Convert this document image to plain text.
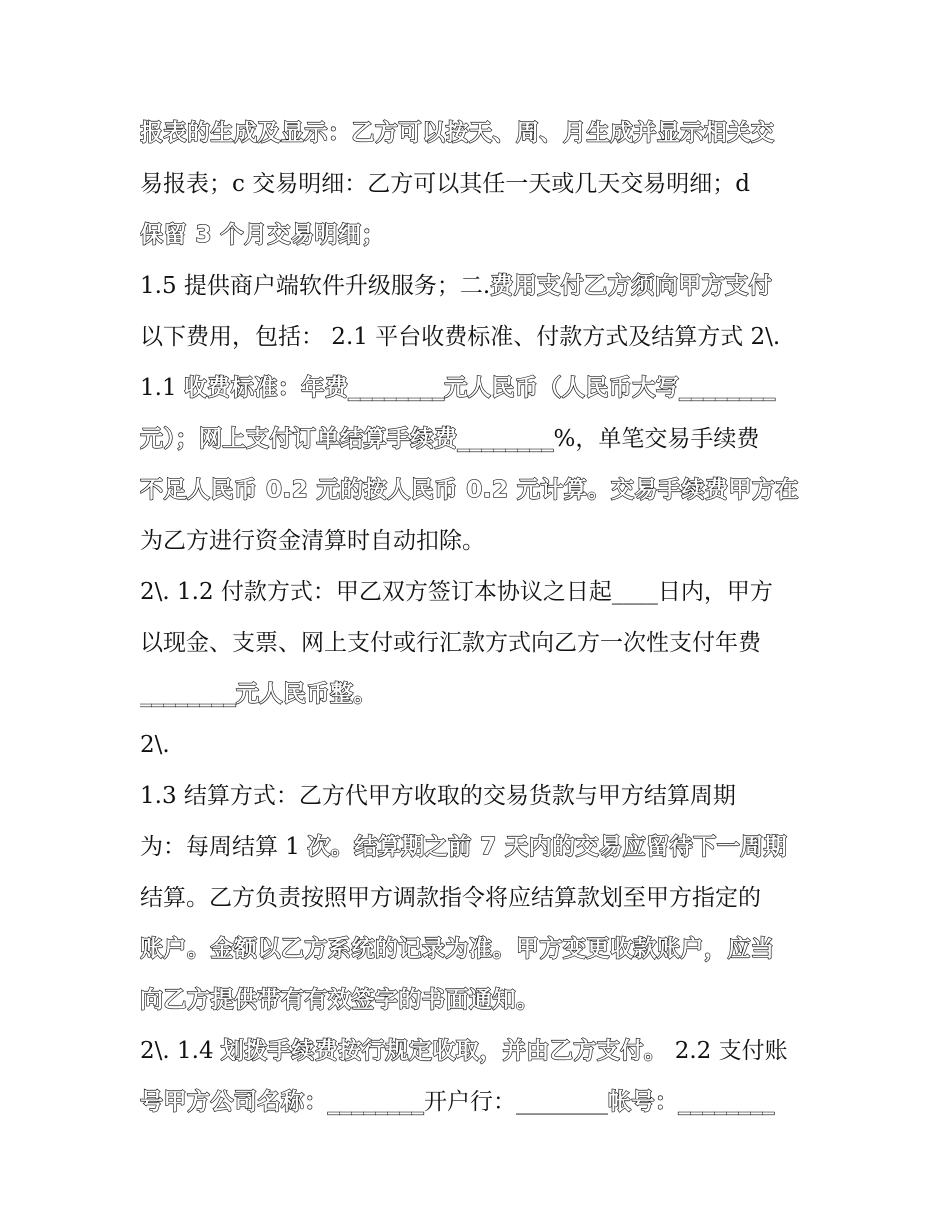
报表的生成及显示：乙方可以按天、周、月生成并显示相关交
易报表；c 交易明细：乙方可以其任一天或几天交易明细；d
保留 3 个月交易明细；
1.5 提供商户端软件升级服务；二.费用支付乙方须向甲方支付
以下费用，包括： 2.1 平台收费标准、付款方式及结算方式 2\.
1.1 收费标准：年费________元人民币（人民币大写________
元）；网上支付订单结算手续费________%，单笔交易手续费
不足人民币 0.2 元的按人民币 0.2 元计算。交易手续费甲方在
为乙方进行资金清算时自动扣除。
2\. 1.2 付款方式：甲乙双方签订本协议之日起____日内，甲方
以现金、支票、网上支付或行汇款方式向乙方一次性支付年费
________元人民币整。
2\.
1.3 结算方式：乙方代甲方收取的交易货款与甲方结算周期
为：每周结算 1 次。结算期之前 7 天内的交易应留待下一周期
结算。乙方负责按照甲方调款指令将应结算款划至甲方指定的
账户。金额以乙方系统的记录为准。甲方变更收款账户，应当
向乙方提供带有有效签字的书面通知。
2\. 1.4 划拨手续费按行规定收取，并由乙方支付。 2.2 支付账
号甲方公司名称：________开户行：________帐号：________
